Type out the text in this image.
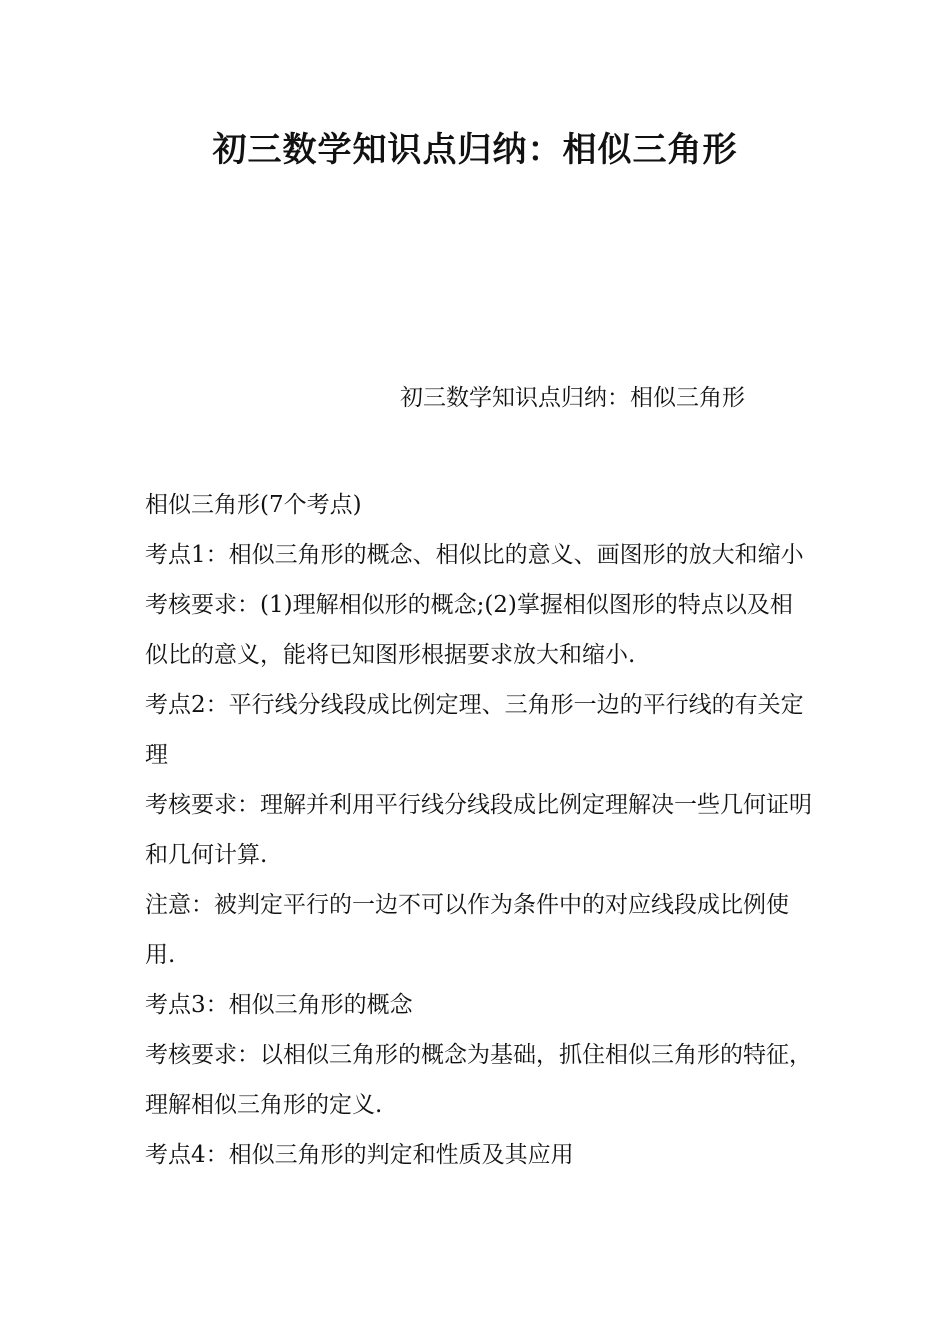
初三数学知识点归纳：相似三角形
初三数学知识点归纳：相似三角形

相似三角形(7个考点)

考点1：相似三角形的概念、相似比的意义、画图形的放大和缩小

考核要求：(1)理解相似形的概念;(2)掌握相似图形的特点以及相似比的意义，能将已知图形根据要求放大和缩小.

考点2：平行线分线段成比例定理、三角形一边的平行线的有关定理

考核要求：理解并利用平行线分线段成比例定理解决一些几何证明和几何计算.

注意：被判定平行的一边不可以作为条件中的对应线段成比例使用.

考点3：相似三角形的概念

考核要求：以相似三角形的概念为基础，抓住相似三角形的特征，理解相似三角形的定义.

考点4：相似三角形的判定和性质及其应用
